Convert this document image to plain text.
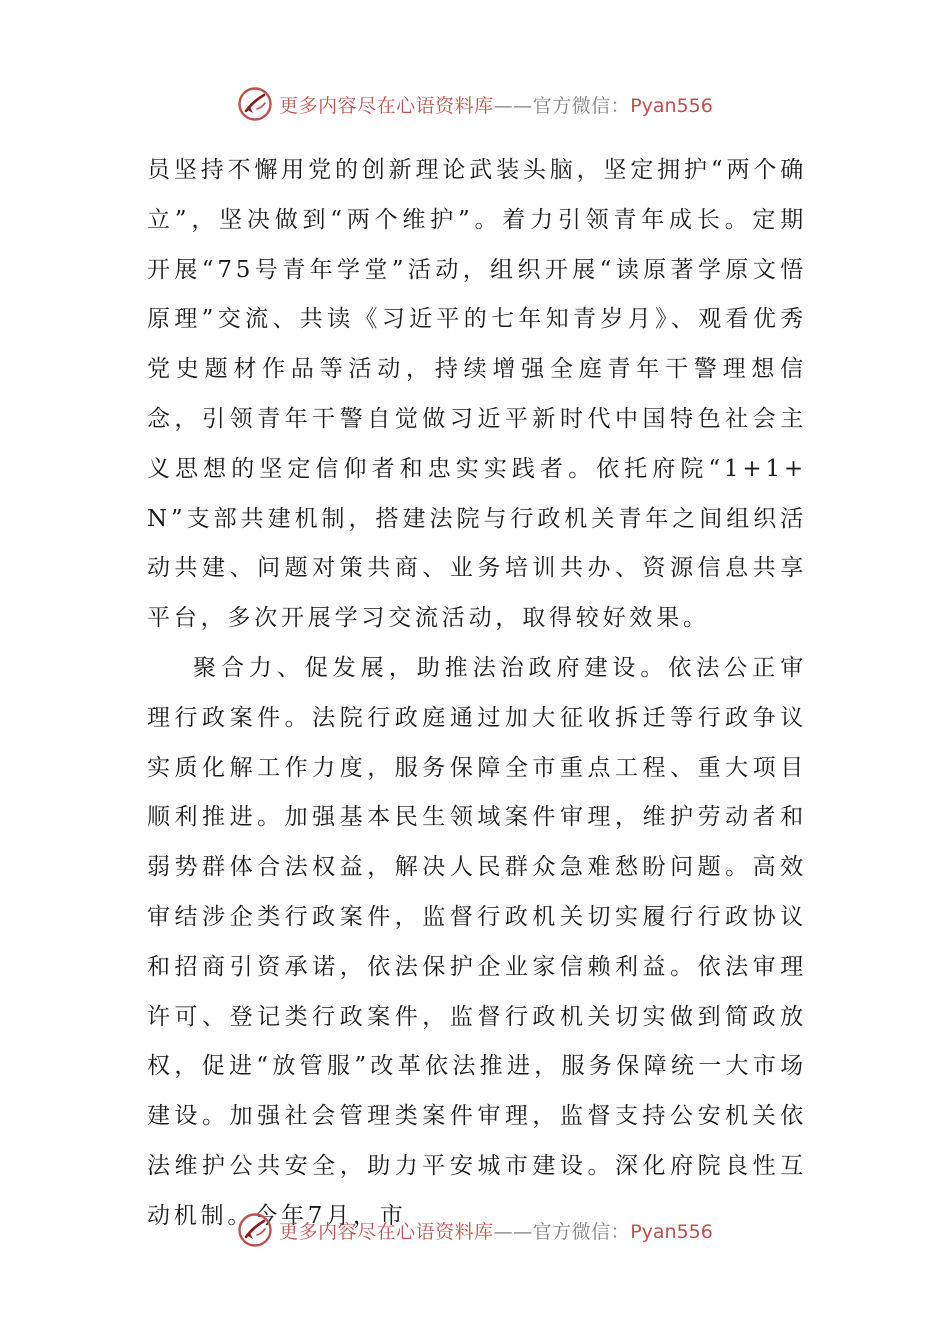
更多内容尽在心语资料库——官方微信：Pyan556

员坚持不懈用党的创新理论武装头脑，坚定拥护“两个确立”，坚决做到“两个维护”。着力引领青年成长。定期开展“75号青年学堂”活动，组织开展“读原著学原文悟原理”交流、共读《习近平的七年知青岁月》、观看优秀党史题材作品等活动，持续增强全庭青年干警理想信念，引领青年干警自觉做习近平新时代中国特色社会主义思想的坚定信仰者和忠实实践者。依托府院“1+1+N”支部共建机制，搭建法院与行政机关青年之间组织活动共建、问题对策共商、业务培训共办、资源信息共享平台，多次开展学习交流活动，取得较好效果。

聚合力、促发展，助推法治政府建设。依法公正审理行政案件。法院行政庭通过加大征收拆迁等行政争议实质化解工作力度，服务保障全市重点工程、重大项目顺利推进。加强基本民生领域案件审理，维护劳动者和弱势群体合法权益，解决人民群众急难愁盼问题。高效审结涉企类行政案件，监督行政机关切实履行行政协议和招商引资承诺，依法保护企业家信赖利益。依法审理许可、登记类行政案件，监督行政机关切实做到简政放权，促进“放管服”改革依法推进，服务保障统一大市场建设。加强社会管理类案件审理，监督支持公安机关依法维护公共安全，助力平安城市建设。深化府院良性互动机制。今年7月，市

更多内容尽在心语资料库——官方微信：Pyan556
